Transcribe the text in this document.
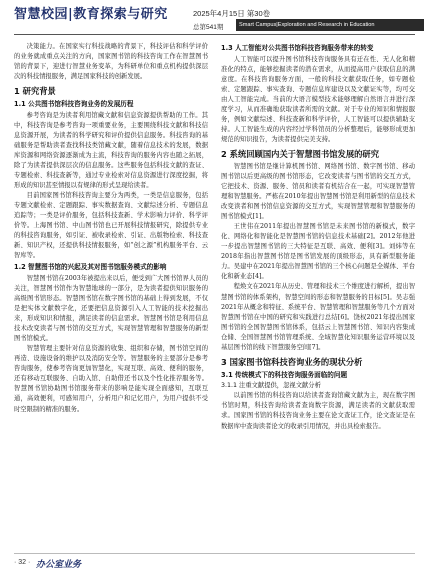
智慧校园|教育探索与研究	2025年4月15日 第30卷
总第541期	Smart Campus|Exploration and Research in Education

决策能力。在国家实行科技战略的背景下，科技评估和科学评价的业务就成重点关注的方向，国家图书馆的科技咨询工作在智慧图书馆的背景下，迎进行智慧业务变革，为科研单位和重点机构提供深层次的科技情报服务，满足国家科技的创新发展。

1 研究背景
1.1 公共图书馆科技咨询业务的发展历程

参考咨询是为读者利用馆藏文献和信息资源提供帮助的工作。其中，科技咨询是参考咨询一项重要业务，主要围绕科技文献和科技信息资源开展，为读者的科学研究和评价提供信息服务。科技咨询的基础服务是帮助读者查找科技类馆藏文献，随着信息技术的发展，数据库资源和网络资源逐渐成为主流，科技咨询的服务内容也随之拓展，除了为读者提供深层次的信息服务。这些服务包括科技文献的查证、专题检索、科技查新等，通过专业检索对信息资源进行深度挖掘，将形成的知识甚至情报以有规律的形式呈现给读者。

目前国家图书馆科技咨询主要分为两类，一类是信息服务，包括专题文献检索、定题跟踪、事实数据查询、文献综述分析、专题信息追踪等；一类是评价服务，包括科技查新、学术影响力评价、科学评价等。上海图书馆、中山图书馆也已开展科技情报研究，除提供专业的科技咨询服务，如引证、被收录检索、引证、出版物检索、科技查新、知识产权，还提供科技情报服务，如“创之源”机构服务平台、云智库等。

1.2 智慧图书馆的兴起及其对图书馆服务模式的影响

智慧图书馆在2003年被提出来以后，便受到广大图书馆界人员的关注，智慧图书馆作为智慧地球的一部分，是为读者提供知识服务的高级图书馆形态。智慧图书馆在数字图书馆的基础上得到发展，不仅是把实体文献数字化，还要把信息资源引入人工智能的技术挖掘出来，形成知识和情报，满足读者的信息需求。智慧图书馆是利用信息技术改变读者与图书馆的交互方式，实现智慧管理和智慧服务的新型图书馆模式。

智慧管理主要针对信息资源的收集、组织和存储，图书馆空间的再造、设施设备的维护以及消防安全等。智慧服务的主要部分是参考咨询服务，使参考咨询更加智慧化，实现互联、高效、便利的服务，还有移动互联服务、自助入馆、自助借还书以及个性化推荐服务等。智慧图书馆协助图书馆服务带来的影响是能实现全面感知，互联互通，高效便利，可感知用户，分析用户和记忆用户，为用户提供不受时空限制的精准的服务。

1.3 人工智能对公共图书馆科技咨询服务带来的转变

人工智能可以提升图书馆科技咨询服务具有迁在性、无人化和精准化的特点，能够挖掘读者的潜在需求，从而提高用户获取信息的满意度。在科技咨询服务方面，一般的科技文献获取任务，如专题检索、定题跟踪、事实查询、专题信息库建设以及文献证实等，均可交由人工智能完成。当前的大语言模型技术能够理解自然语言并进行深度学习，从而准确地获取读者所需的文献。对于专业的知识和情报服务，例如文献综述、科技查新和科学评价，人工智能可以提供辅助支持。人工智能生成的内容经过学科馆员的分析整理后，能够形成更加规范的知识报告，为读者提供完美支持。

2 系统回顾国内关于智慧图书馆发展的研究

智慧图书馆是继计算机图书馆、网络图书馆、数字图书馆、移动图书馆以后更高级的图书馆形态，它改变读者与图书馆的交互方式，它把技术、资源、服务、馆员和读者有机结合在一起，可实现智慧管理和智慧服务。严栋在2010年提出智慧图书馆是利用新型的信息技术改变读者和图书馆信息资源的交互方式，实现智慧管理和智慧服务的图书馆模式[1]。

王世伟在2011年提出智慧图书馆是未来图书馆的新模式，数字化、网络化和智能化是智慧图书馆的信息技术基础[2]。2012年他进一步提出智慧图书馆的三大特征是互联、高效、便利[3]。刘炜等在2018年指出智慧图书馆是图书馆发展的顶级形态，具有新型服务能力。吴建中在2021年提出智慧图书馆的三个核心问题是全媒体、平台化和新业态[4]。

程焕文在2021年从历史、管理和技术三个维度进行解析，提出智慧图书馆的体系架构，智慧空间的形态和智慧服务的目标[5]。吴志强2021年从概念和特征、系统平台、智慧管理和智慧服务等几个方面对智慧图书馆在中国的研究和实践进行总结[6]。饶权2021年提出国家图书馆的全国智慧图书馆体系，包括云上智慧图书馆、知识内容集成仓储、全国智慧图书馆管理系统、全域智慧化知识服务运营环境以及基层图书馆的线下智慧服务空间[7]。

3 国家图书馆科技咨询业务的现状分析
3.1 传统模式下的科技咨询服务面临的问题
3.1.1 注重文献提供，忽视文献分析

以前图书馆的科技咨询以给读者查询馆藏文献为主，现在数字图书馆时期，科技咨询给读者查询数字资源，满足读者的文献获取需求。国家图书馆的科技咨询业务主要在论文查证工作，论文查证是在数据库中查询读者论文的收录引用情况，并出具检索报告。

· 32 · 办公室业务
